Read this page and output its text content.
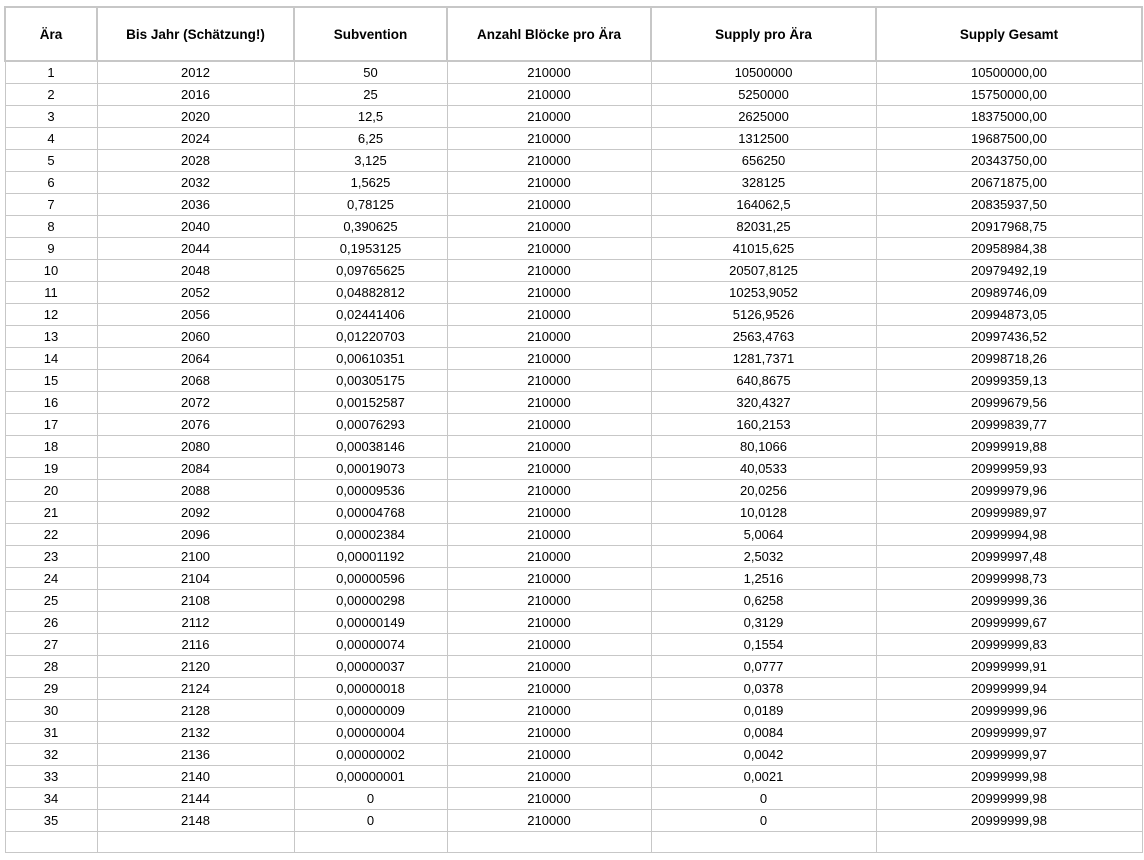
Ära	Bis Jahr (Schätzung!)	Subvention	Anzahl Blöcke pro Ära	Supply pro Ära	Supply Gesamt
1	2012	50	210000	10500000	10500000,00
2	2016	25	210000	5250000	15750000,00
3	2020	12,5	210000	2625000	18375000,00
4	2024	6,25	210000	1312500	19687500,00
5	2028	3,125	210000	656250	20343750,00
6	2032	1,5625	210000	328125	20671875,00
7	2036	0,78125	210000	164062,5	20835937,50
8	2040	0,390625	210000	82031,25	20917968,75
9	2044	0,1953125	210000	41015,625	20958984,38
10	2048	0,09765625	210000	20507,8125	20979492,19
11	2052	0,04882812	210000	10253,9052	20989746,09
12	2056	0,02441406	210000	5126,9526	20994873,05
13	2060	0,01220703	210000	2563,4763	20997436,52
14	2064	0,00610351	210000	1281,7371	20998718,26
15	2068	0,00305175	210000	640,8675	20999359,13
16	2072	0,00152587	210000	320,4327	20999679,56
17	2076	0,00076293	210000	160,2153	20999839,77
18	2080	0,00038146	210000	80,1066	20999919,88
19	2084	0,00019073	210000	40,0533	20999959,93
20	2088	0,00009536	210000	20,0256	20999979,96
21	2092	0,00004768	210000	10,0128	20999989,97
22	2096	0,00002384	210000	5,0064	20999994,98
23	2100	0,00001192	210000	2,5032	20999997,48
24	2104	0,00000596	210000	1,2516	20999998,73
25	2108	0,00000298	210000	0,6258	20999999,36
26	2112	0,00000149	210000	0,3129	20999999,67
27	2116	0,00000074	210000	0,1554	20999999,83
28	2120	0,00000037	210000	0,0777	20999999,91
29	2124	0,00000018	210000	0,0378	20999999,94
30	2128	0,00000009	210000	0,0189	20999999,96
31	2132	0,00000004	210000	0,0084	20999999,97
32	2136	0,00000002	210000	0,0042	20999999,97
33	2140	0,00000001	210000	0,0021	20999999,98
34	2144	0	210000	0	20999999,98
35	2148	0	210000	0	20999999,98
